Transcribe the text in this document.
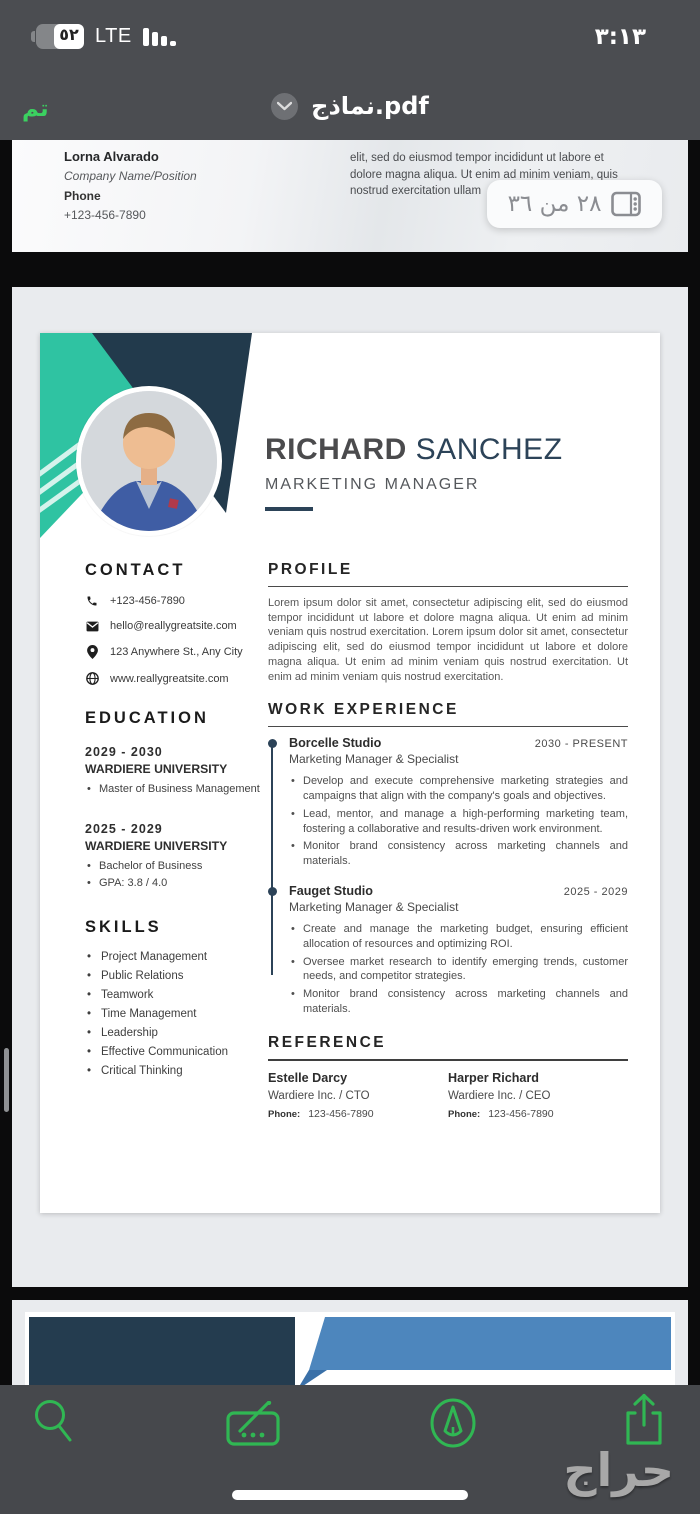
٥٢ LTE	٣:١٣
تم	نماذج.pdf
Lorna Alvarado
Company Name/Position
Phone
+123-456-7890
elit, sed do eiusmod tempor incididunt ut labore et
dolore magna aliqua. Ut enim ad minim veniam, quis
nostrud exercitation ullam	٢٨ من ٣٦
RICHARD SANCHEZ
MARKETING MANAGER
CONTACT
+123-456-7890
hello@reallygreatsite.com
123 Anywhere St., Any City
www.reallygreatsite.com
EDUCATION
2029 - 2030
WARDIERE UNIVERSITY
• Master of Business Management
2025 - 2029
WARDIERE UNIVERSITY
• Bachelor of Business
• GPA: 3.8 / 4.0
SKILLS
• Project Management
• Public Relations
• Teamwork
• Time Management
• Leadership
• Effective Communication
• Critical Thinking
PROFILE

Lorem ipsum dolor sit amet, consectetur adipiscing elit, sed do eiusmod tempor incididunt ut labore et dolore magna aliqua. Ut enim ad minim veniam quis nostrud exercitation. Lorem ipsum dolor sit amet, consectetur adipiscing elit, sed do eiusmod tempor incididunt ut labore et dolore magna aliqua. Ut enim ad minim veniam quis nostrud exercitation. Ut enim ad minim veniam quis nostrud exercitation.

WORK EXPERIENCE
Borcelle Studio	2030 - PRESENT
Marketing Manager & Specialist
• Develop and execute comprehensive marketing strategies and campaigns that align with the company's goals and objectives.
• Lead, mentor, and manage a high-performing marketing team, fostering a collaborative and results-driven work environment.
• Monitor brand consistency across marketing channels and materials.
Fauget Studio	2025 - 2029
Marketing Manager & Specialist
• Create and manage the marketing budget, ensuring efficient allocation of resources and optimizing ROI.
• Oversee market research to identify emerging trends, customer needs, and competitor strategies.
• Monitor brand consistency across marketing channels and materials.
REFERENCE
Estelle Darcy
Wardiere Inc. / CTO
Phone: 123-456-7890
Harper Richard
Wardiere Inc. / CEO
Phone: 123-456-7890
حراج
